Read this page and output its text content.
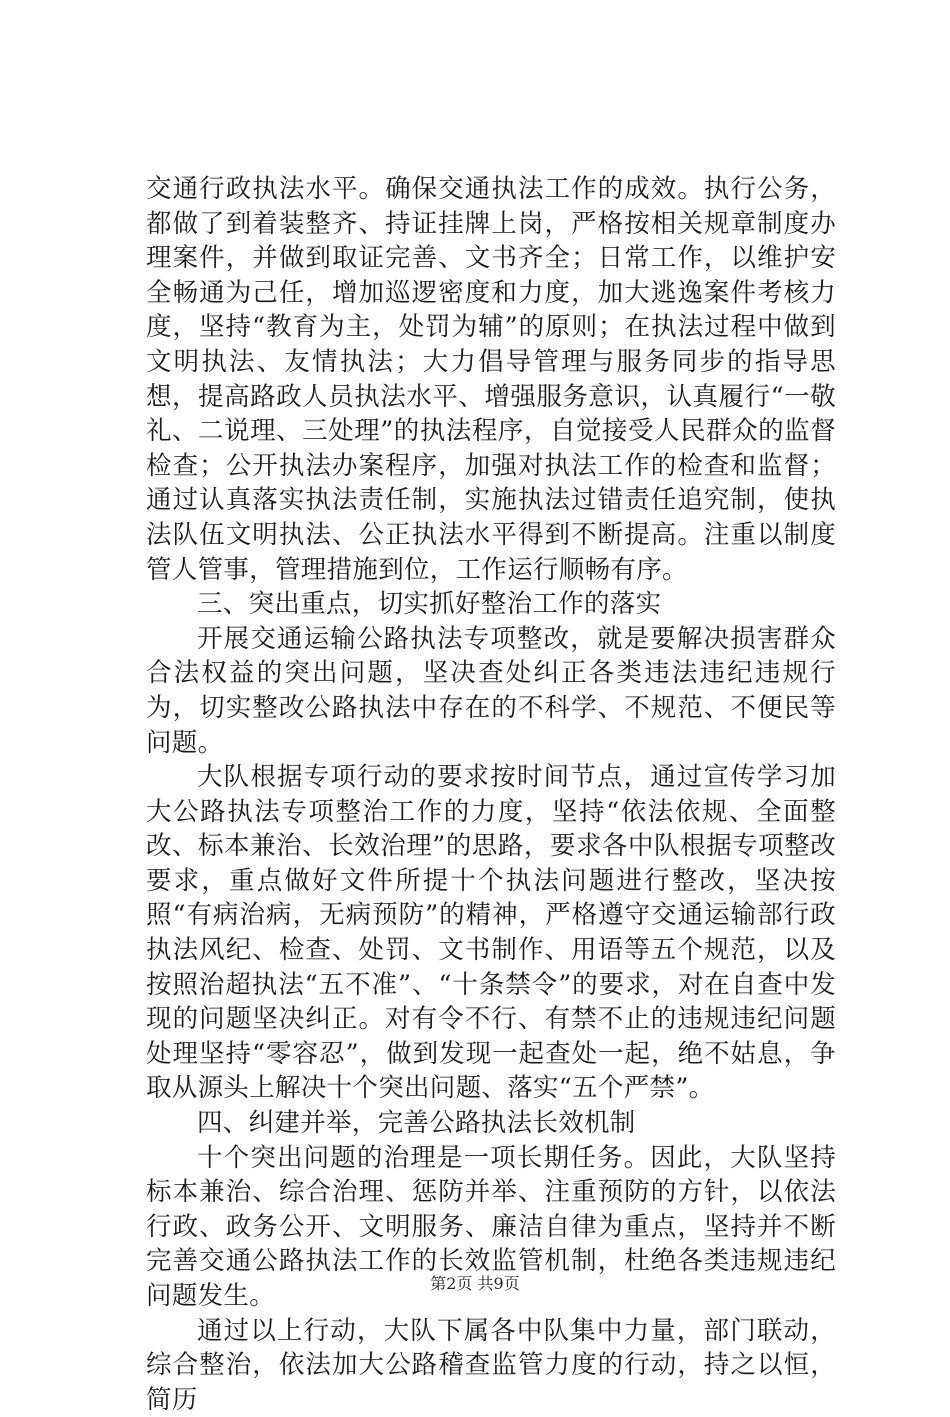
交通行政执法水平。确保交通执法工作的成效。执行公务，都做了到着装整齐、持证挂牌上岗，严格按相关规章制度办理案件，并做到取证完善、文书齐全；日常工作，以维护安全畅通为己任，增加巡逻密度和力度，加大逃逸案件考核力度，坚持“教育为主，处罚为辅”的原则；在执法过程中做到文明执法、友情执法；大力倡导管理与服务同步的指导思想，提高路政人员执法水平、增强服务意识，认真履行“一敬礼、二说理、三处理”的执法程序，自觉接受人民群众的监督检查；公开执法办案程序，加强对执法工作的检查和监督；通过认真落实执法责任制，实施执法过错责任追究制，使执法队伍文明执法、公正执法水平得到不断提高。注重以制度管人管事，管理措施到位，工作运行顺畅有序。

三、突出重点，切实抓好整治工作的落实

开展交通运输公路执法专项整改，就是要解决损害群众合法权益的突出问题，坚决查处纠正各类违法违纪违规行为，切实整改公路执法中存在的不科学、不规范、不便民等问题。

大队根据专项行动的要求按时间节点，通过宣传学习加大公路执法专项整治工作的力度，坚持“依法依规、全面整改、标本兼治、长效治理”的思路，要求各中队根据专项整改要求，重点做好文件所提十个执法问题进行整改，坚决按照“有病治病，无病预防”的精神，严格遵守交通运输部行政执法风纪、检查、处罚、文书制作、用语等五个规范，以及按照治超执法“五不准”、“十条禁令”的要求，对在自查中发现的问题坚决纠正。对有令不行、有禁不止的违规违纪问题处理坚持“零容忍”，做到发现一起查处一起，绝不姑息，争取从源头上解决十个突出问题、落实“五个严禁”。

四、纠建并举，完善公路执法长效机制

十个突出问题的治理是一项长期任务。因此，大队坚持标本兼治、综合治理、惩防并举、注重预防的方针，以依法行政、政务公开、文明服务、廉洁自律为重点，坚持并不断完善交通公路执法工作的长效监管机制，杜绝各类违规违纪问题发生。

通过以上行动，大队下属各中队集中力量，部门联动，综合整治，依法加大公路稽查监管力度的行动，持之以恒，简历

第2页 共9页
